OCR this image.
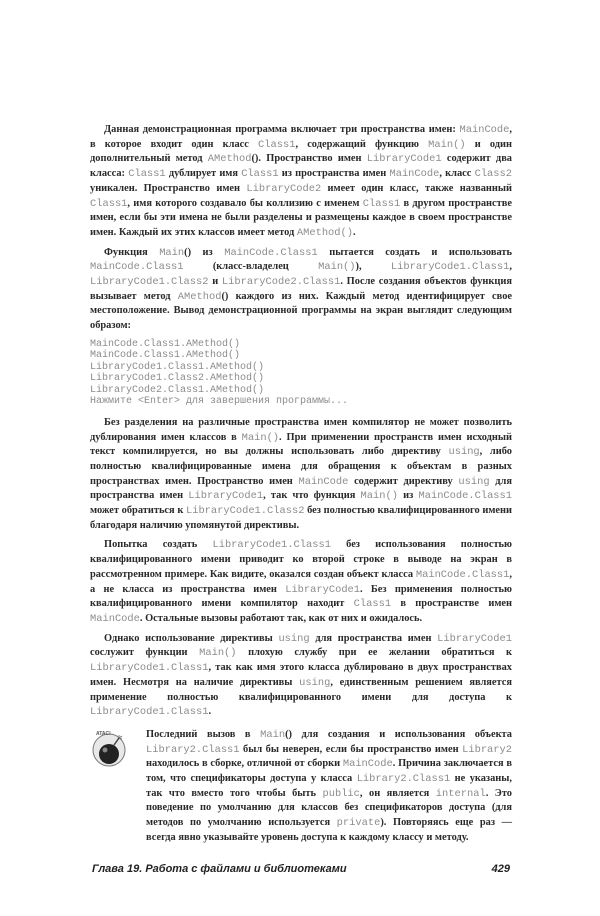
Данная демонстрационная программа включает три пространства имен: MainCode, в которое входит один класс Class1, содержащий функцию Main() и один дополнительный метод AMethod(). Пространство имен LibraryCode1 содержит два класса: Class1 дублирует имя Class1 из пространства имен MainCode, класс Class2 уникален. Пространство имен LibraryCode2 имеет один класс, также названный Class1, имя которого создавало бы коллизию с именем Class1 в другом пространстве имен, если бы эти имена не были разделены и размещены каждое в своем пространстве имен. Каждый их этих классов имеет метод AMethod().

Функция Main() из MainCode.Class1 пытается создать и использовать MainCode.Class1 (класс-владелец Main()), LibraryCode1.Class1, LibraryCode1.Class2 и LibraryCode2.Class1. После создания объектов функция вызывает метод AMethod() каждого из них. Каждый метод идентифицирует свое местоположение. Вывод демонстрационной программы на экран выглядит следующим образом:

MainCode.Class1.AMethod()
MainCode.Class1.AMethod()
LibraryCode1.Class1.AMethod()
LibraryCode1.Class2.AMethod()
LibraryCode2.Class1.AMethod()
Нажмите <Enter> для завершения программы...

Без разделения на различные пространства имен компилятор не может позволить дублирования имен классов в Main(). При применении пространств имен исходный текст компилируется, но вы должны использовать либо директиву using, либо полностью квалифицированные имена для обращения к объектам в разных пространствах имен. Пространство имен MainCode содержит директиву using для пространства имен LibraryCode1, так что функция Main() из MainCode.Class1 может обратиться к LibraryCode1.Class2 без полностью квалифицированного имени благодаря наличию упомянутой директивы.

Попытка создать LibraryCode1.Class1 без использования полностью квалифицированного имени приводит ко второй строке в выводе на экран в рассмотренном примере. Как видите, оказался создан объект класса MainCode.Class1, а не класса из пространства имен LibraryCode1. Без применения полностью квалифицированного имени компилятор находит Class1 в пространстве имен MainCode. Остальные вызовы работают так, как от них и ожидалось.

Однако использование директивы using для пространства имен LibraryCode1 сослужит функции Main() плохую службу при ее желании обратиться к LibraryCode1.Class1, так как имя этого класса дублировано в двух пространствах имен. Несмотря на наличие директивы using, единственным решением является применение полностью квалифицированного имени для доступа к LibraryCode1.Class1.

ATAC!	Последний вызов в Main() для создания и использования объекта Library2.Class1 был бы неверен, если бы пространство имен Library2 находилось в сборке, отличной от сборки MainCode. Причина заключается в том, что спецификаторы доступа у класса Library2.Class1 не указаны, так что вместо того чтобы быть public, он является internal. Это поведение по умолчанию для классов без спецификаторов доступа (для методов по умолчанию используется private). Повторяясь еще раз — всегда явно указывайте уровень доступа к каждому классу и методу.

Глава 19. Работа с файлами и библиотеками	429
